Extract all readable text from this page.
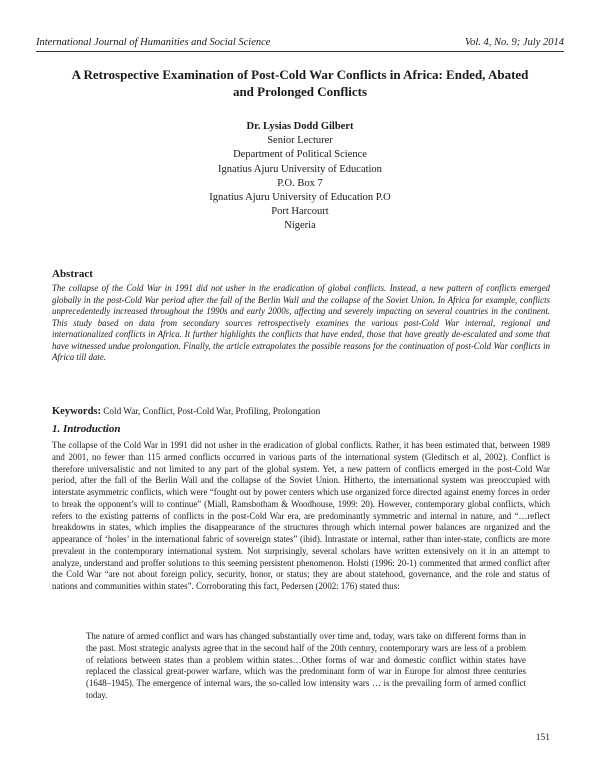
International Journal of Humanities and Social Science	Vol. 4, No. 9; July 2014
A Retrospective Examination of Post-Cold War Conflicts in Africa: Ended, Abated
and Prolonged Conflicts
Dr. Lysias Dodd Gilbert
Senior Lecturer
Department of Political Science
Ignatius Ajuru University of Education
P.O. Box 7
Ignatius Ajuru University of Education P.O
Port Harcourt
Nigeria
Abstract
The collapse of the Cold War in 1991 did not usher in the eradication of global conflicts. Instead, a new pattern of conflicts emerged globally in the post-Cold War period after the fall of the Berlin Wall and the collapse of the Soviet Union. In Africa for example, conflicts unprecedentedly increased throughout the 1990s and early 2000s, affecting and severely impacting on several countries in the continent. This study based on data from secondary sources retrospectively examines the various post-Cold War internal, regional and internationalized conflicts in Africa. It further highlights the conflicts that have ended, those that have greatly de-escalated and some that have witnessed undue prolongation. Finally, the article extrapolates the possible reasons for the continuation of post-Cold War conflicts in Africa till date.
Keywords: Cold War, Conflict, Post-Cold War, Profiling, Prolongation
1. Introduction
The collapse of the Cold War in 1991 did not usher in the eradication of global conflicts. Rather, it has been estimated that, between 1989 and 2001, no fewer than 115 armed conflicts occurred in various parts of the international system (Gleditsch et al, 2002). Conflict is therefore universalistic and not limited to any part of the global system. Yet, a new pattern of conflicts emerged in the post-Cold War period, after the fall of the Berlin Wall and the collapse of the Soviet Union. Hitherto, the international system was preoccupied with interstate asymmetric conflicts, which were “fought out by power centers which use organized force directed against enemy forces in order to break the opponent’s will to continue” (Miall, Ramsbotham & Woodhouse, 1999: 20). However, contemporary global conflicts, which refers to the existing patterns of conflicts in the post-Cold War era, are predominantly symmetric and internal in nature, and “…reflect breakdowns in states, which implies the disappearance of the structures through which internal power balances are organized and the appearance of ‘holes’ in the international fabric of sovereign states” (ibid). Intrastate or internal, rather than inter-state, conflicts are more prevalent in the contemporary international system. Not surprisingly, several scholars have written extensively on it in an attempt to analyze, understand and proffer solutions to this seeming persistent phenomenon. Holsti (1996: 20-1) commented that armed conflict after the Cold War “are not about foreign policy, security, honor, or status; they are about statehood, governance, and the role and status of nations and communities within states”. Corroborating this fact, Pedersen (2002: 176) stated thus:
The nature of armed conflict and wars has changed substantially over time and, today, wars take on different forms than in the past. Most strategic analysts agree that in the second half of the 20th century, contemporary wars are less of a problem of relations between states than a problem within states…Other forms of war and domestic conflict within states have replaced the classical great-power warfare, which was the predominant form of war in Europe for almost three centuries (1648–1945). The emergence of internal wars, the so-called low intensity wars … is the prevailing form of armed conflict today.
151
